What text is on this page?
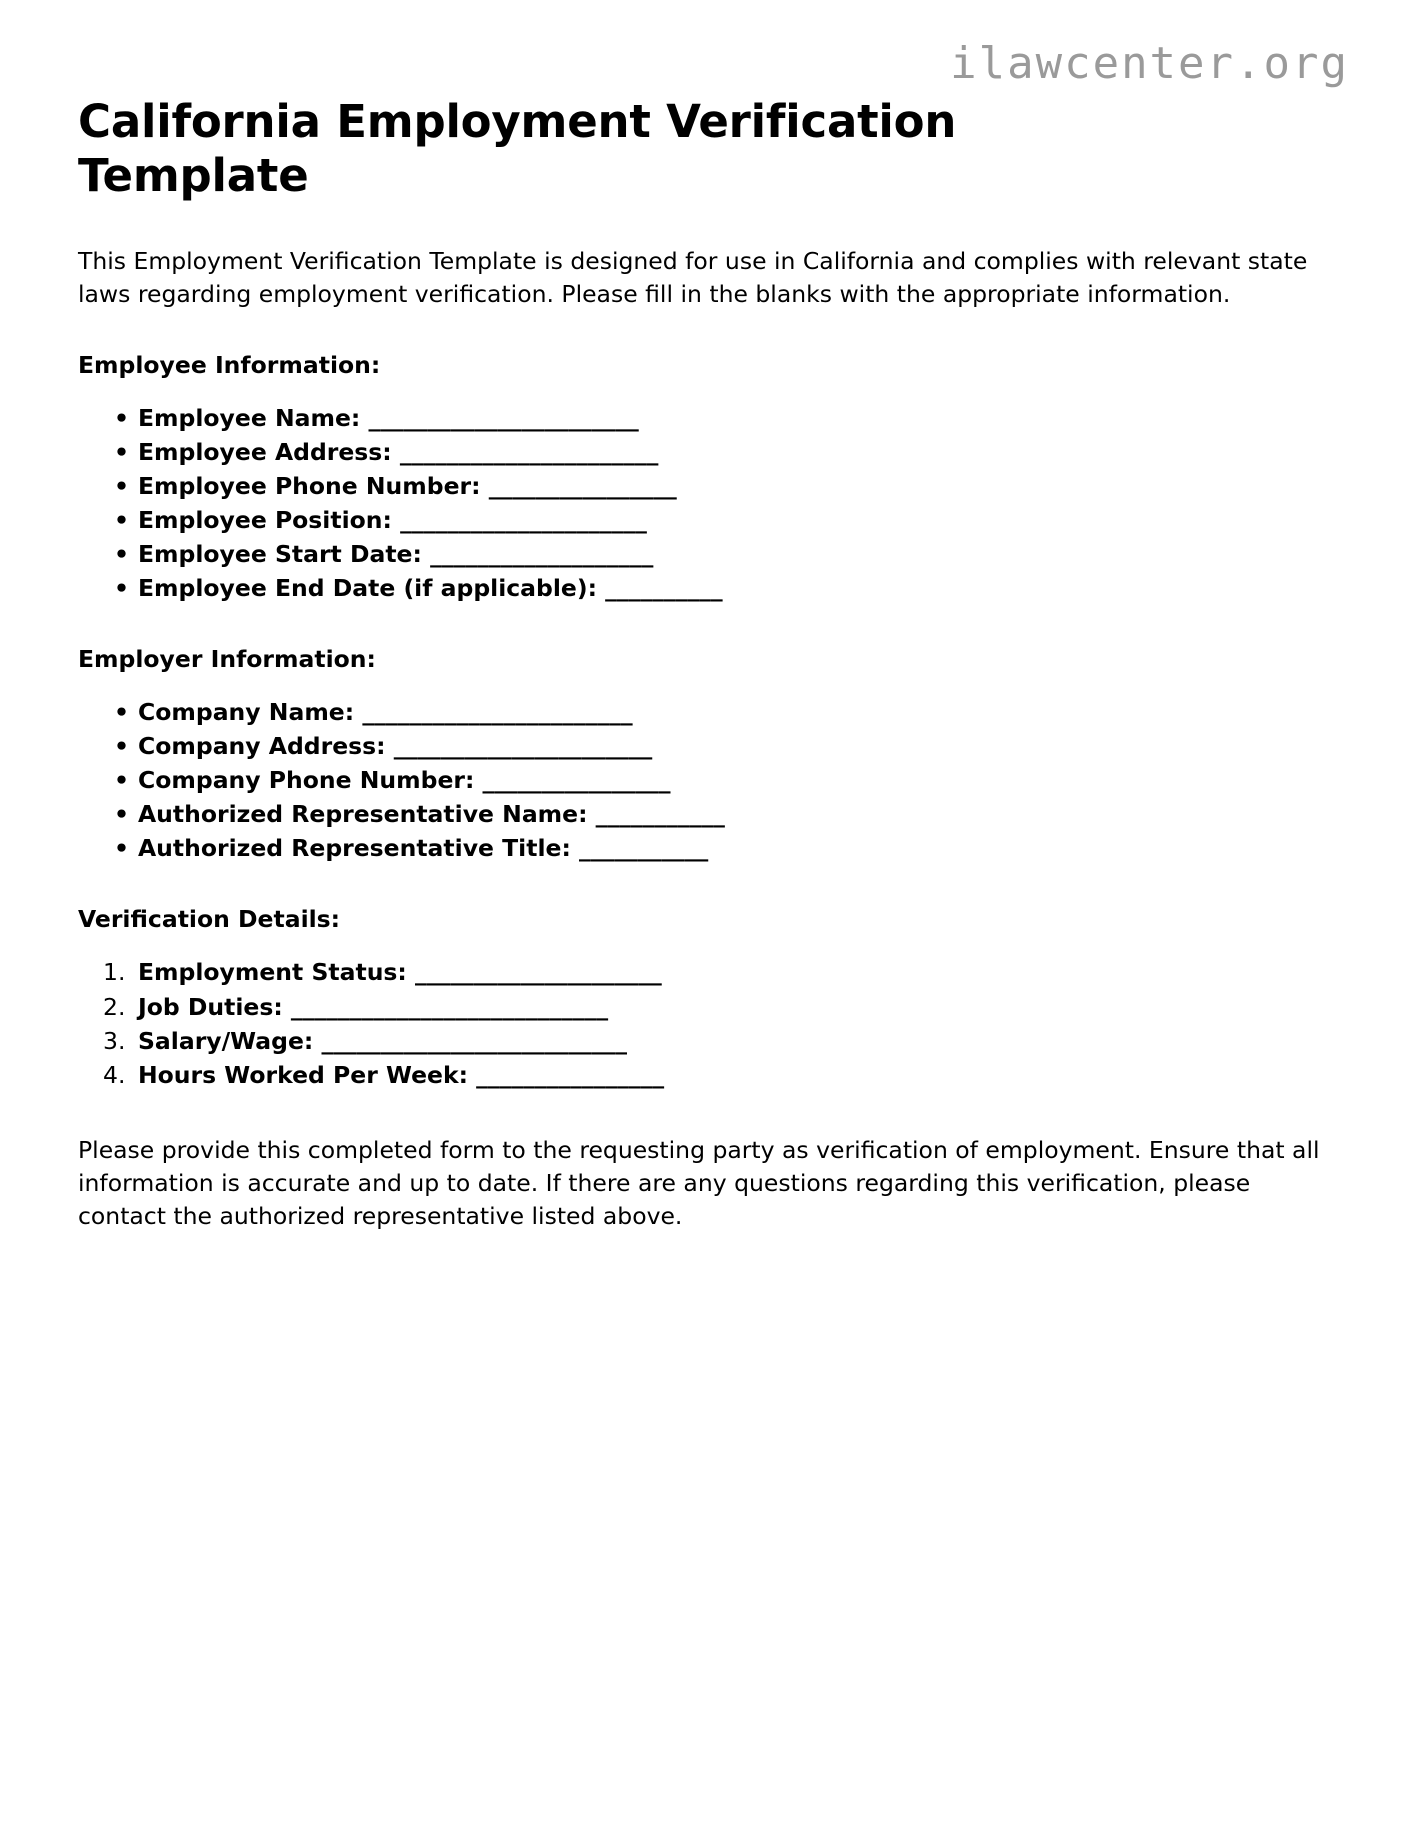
ilawcenter.org
California Employment Verification Template

This Employment Verification Template is designed for use in California and complies with relevant state laws regarding employment verification. Please fill in the blanks with the appropriate information.

Employee Information:
• Employee Name: _______________________
• Employee Address: ______________________
• Employee Phone Number: ________________
• Employee Position: _____________________
• Employee Start Date: ___________________
• Employee End Date (if applicable): __________
Employer Information:
• Company Name: _______________________
• Company Address: ______________________
• Company Phone Number: ________________
• Authorized Representative Name: ___________
• Authorized Representative Title: ___________
Verification Details:
Employment Status: _____________________
Job Duties: ___________________________
Salary/Wage: __________________________
Hours Worked Per Week: ________________

Please provide this completed form to the requesting party as verification of employment. Ensure that all information is accurate and up to date. If there are any questions regarding this verification, please contact the authorized representative listed above.
